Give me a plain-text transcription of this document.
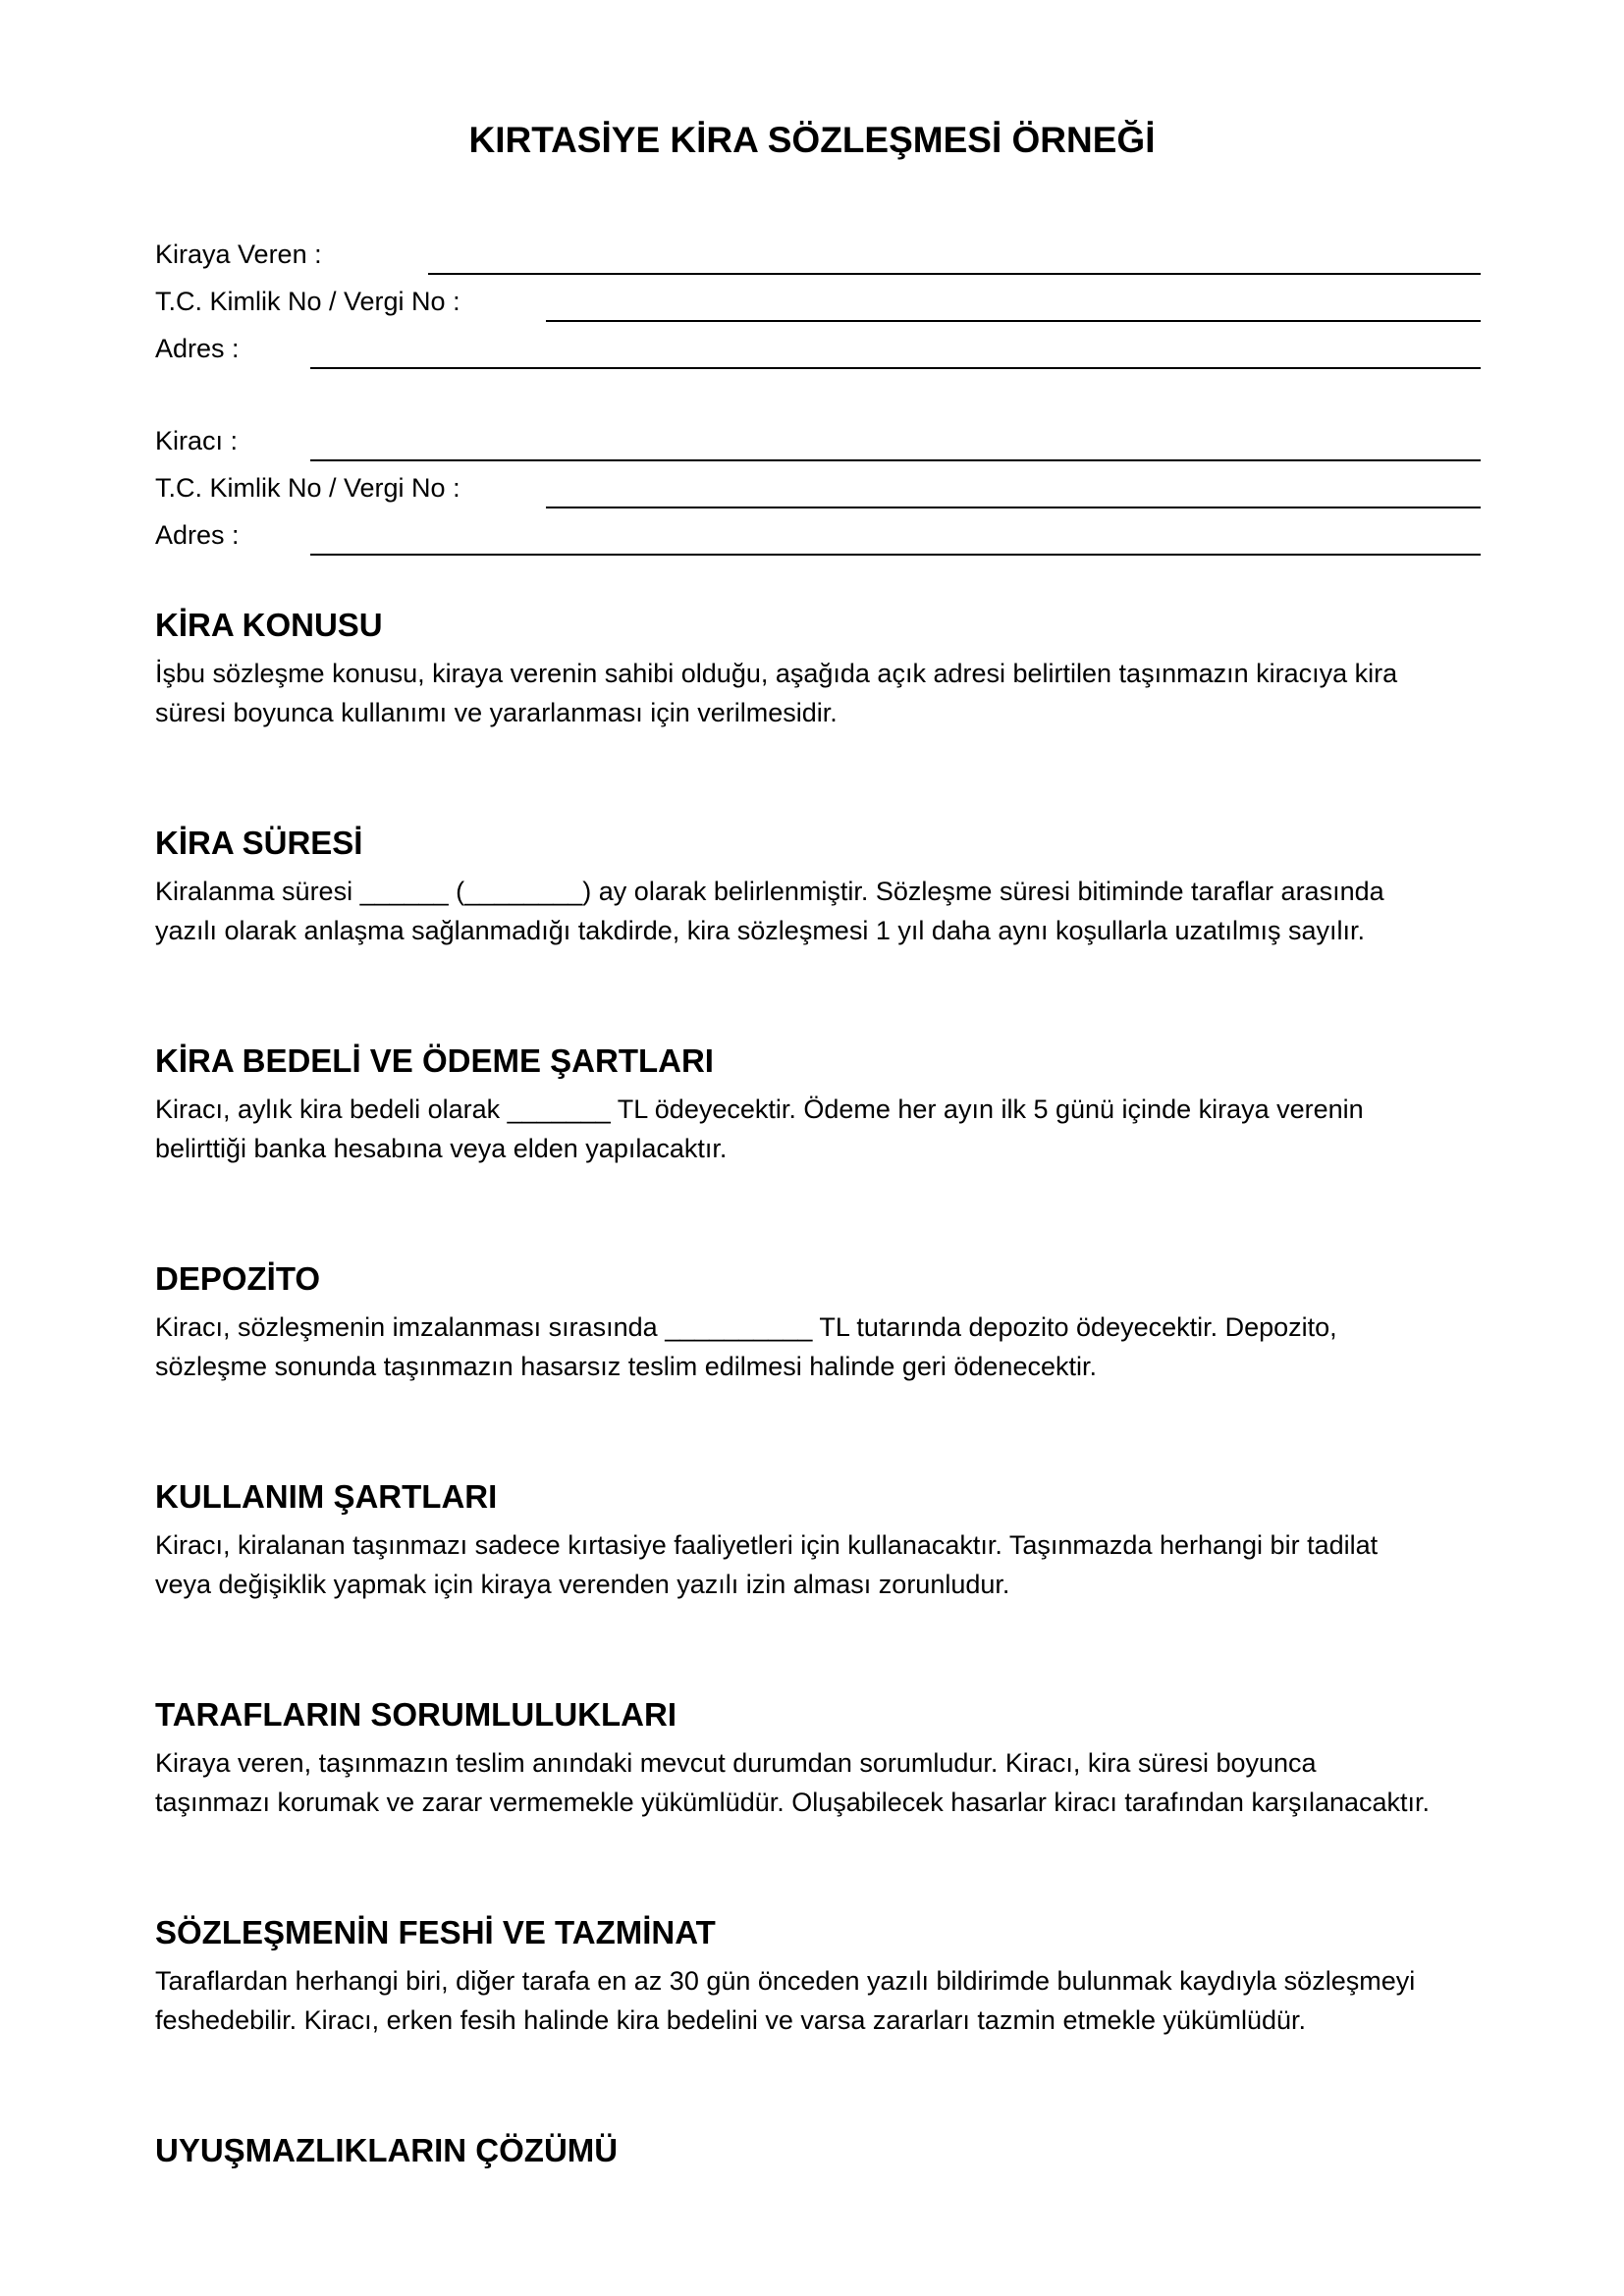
KIRTASİYE KİRA SÖZLEŞMESİ ÖRNEĞİ
Kiraya Veren :
T.C. Kimlik No / Vergi No :
Adres :
Kiracı :
T.C. Kimlik No / Vergi No :
Adres :
KİRA KONUSU

İşbu sözleşme konusu, kiraya verenin sahibi olduğu, aşağıda açık adresi belirtilen taşınmazın kiracıya kira
süresi boyunca kullanımı ve yararlanması için verilmesidir.

KİRA SÜRESİ

Kiralanma süresi ______ (________) ay olarak belirlenmiştir. Sözleşme süresi bitiminde taraflar arasında
yazılı olarak anlaşma sağlanmadığı takdirde, kira sözleşmesi 1 yıl daha aynı koşullarla uzatılmış sayılır.

KİRA BEDELİ VE ÖDEME ŞARTLARI

Kiracı, aylık kira bedeli olarak _______ TL ödeyecektir. Ödeme her ayın ilk 5 günü içinde kiraya verenin
belirttiği banka hesabına veya elden yapılacaktır.

DEPOZİTO

Kiracı, sözleşmenin imzalanması sırasında __________ TL tutarında depozito ödeyecektir. Depozito,
sözleşme sonunda taşınmazın hasarsız teslim edilmesi halinde geri ödenecektir.

KULLANIM ŞARTLARI

Kiracı, kiralanan taşınmazı sadece kırtasiye faaliyetleri için kullanacaktır. Taşınmazda herhangi bir tadilat
veya değişiklik yapmak için kiraya verenden yazılı izin alması zorunludur.

TARAFLARIN SORUMLULUKLARI

Kiraya veren, taşınmazın teslim anındaki mevcut durumdan sorumludur. Kiracı, kira süresi boyunca
taşınmazı korumak ve zarar vermemekle yükümlüdür. Oluşabilecek hasarlar kiracı tarafından karşılanacaktır.

SÖZLEŞMENİN FESHİ VE TAZMİNAT

Taraflardan herhangi biri, diğer tarafa en az 30 gün önceden yazılı bildirimde bulunmak kaydıyla sözleşmeyi
feshedebilir. Kiracı, erken fesih halinde kira bedelini ve varsa zararları tazmin etmekle yükümlüdür.

UYUŞMAZLIKLARIN ÇÖZÜMÜ
